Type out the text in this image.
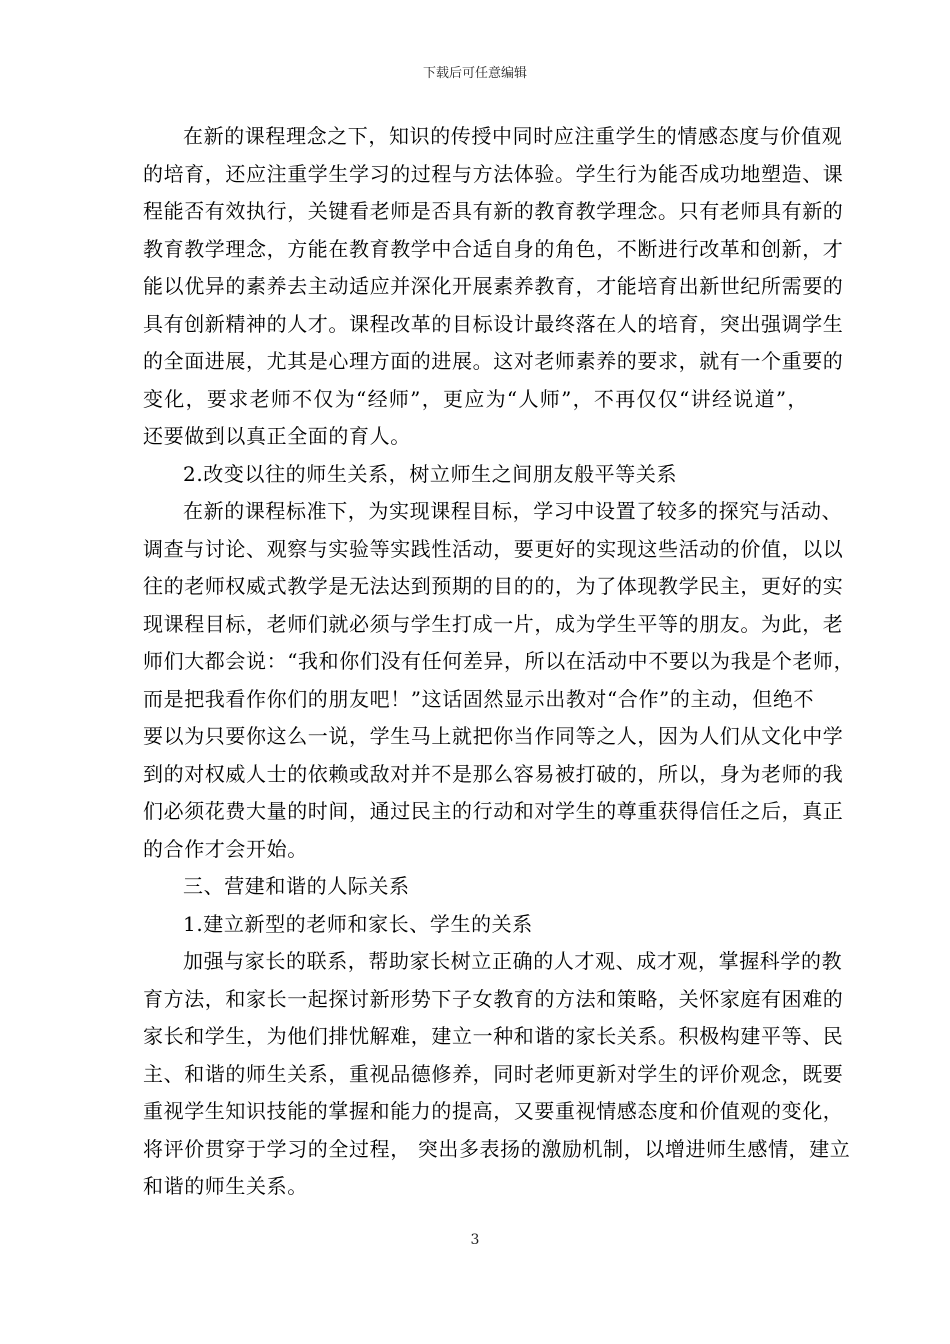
下载后可任意编辑
在新的课程理念之下，知识的传授中同时应注重学生的情感态度与价值观
的培育，还应注重学生学习的过程与方法体验。学生行为能否成功地塑造、课
程能否有效执行，关键看老师是否具有新的教育教学理念。只有老师具有新的
教育教学理念，方能在教育教学中合适自身的角色，不断进行改革和创新，才
能以优异的素养去主动适应并深化开展素养教育，才能培育出新世纪所需要的
具有创新精神的人才。课程改革的目标设计最终落在人的培育，突出强调学生
的全面进展，尤其是心理方面的进展。这对老师素养的要求，就有一个重要的
变化，要求老师不仅为“经师”，更应为“人师”，不再仅仅“讲经说道”，
还要做到以真正全面的育人。
2.改变以往的师生关系，树立师生之间朋友般平等关系
在新的课程标准下，为实现课程目标，学习中设置了较多的探究与活动、
调查与讨论、观察与实验等实践性活动，要更好的实现这些活动的价值，以以
往的老师权威式教学是无法达到预期的目的的，为了体现教学民主，更好的实
现课程目标，老师们就必须与学生打成一片，成为学生平等的朋友。为此，老
师们大都会说：“我和你们没有任何差异，所以在活动中不要以为我是个老师，
而是把我看作你们的朋友吧！”这话固然显示出教对“合作”的主动，但绝不
要以为只要你这么一说，学生马上就把你当作同等之人，因为人们从文化中学
到的对权威人士的依赖或敌对并不是那么容易被打破的，所以，身为老师的我
们必须花费大量的时间，通过民主的行动和对学生的尊重获得信任之后，真正
的合作才会开始。
三、营建和谐的人际关系
1.建立新型的老师和家长、学生的关系
加强与家长的联系，帮助家长树立正确的人才观、成才观，掌握科学的教
育方法，和家长一起探讨新形势下子女教育的方法和策略，关怀家庭有困难的
家长和学生，为他们排忧解难，建立一种和谐的家长关系。积极构建平等、民
主、和谐的师生关系，重视品德修养，同时老师更新对学生的评价观念，既要
重视学生知识技能的掌握和能力的提高，又要重视情感态度和价值观的变化，
将评价贯穿于学习的全过程， 突出多表扬的激励机制，以增进师生感情，建立
和谐的师生关系。
3
